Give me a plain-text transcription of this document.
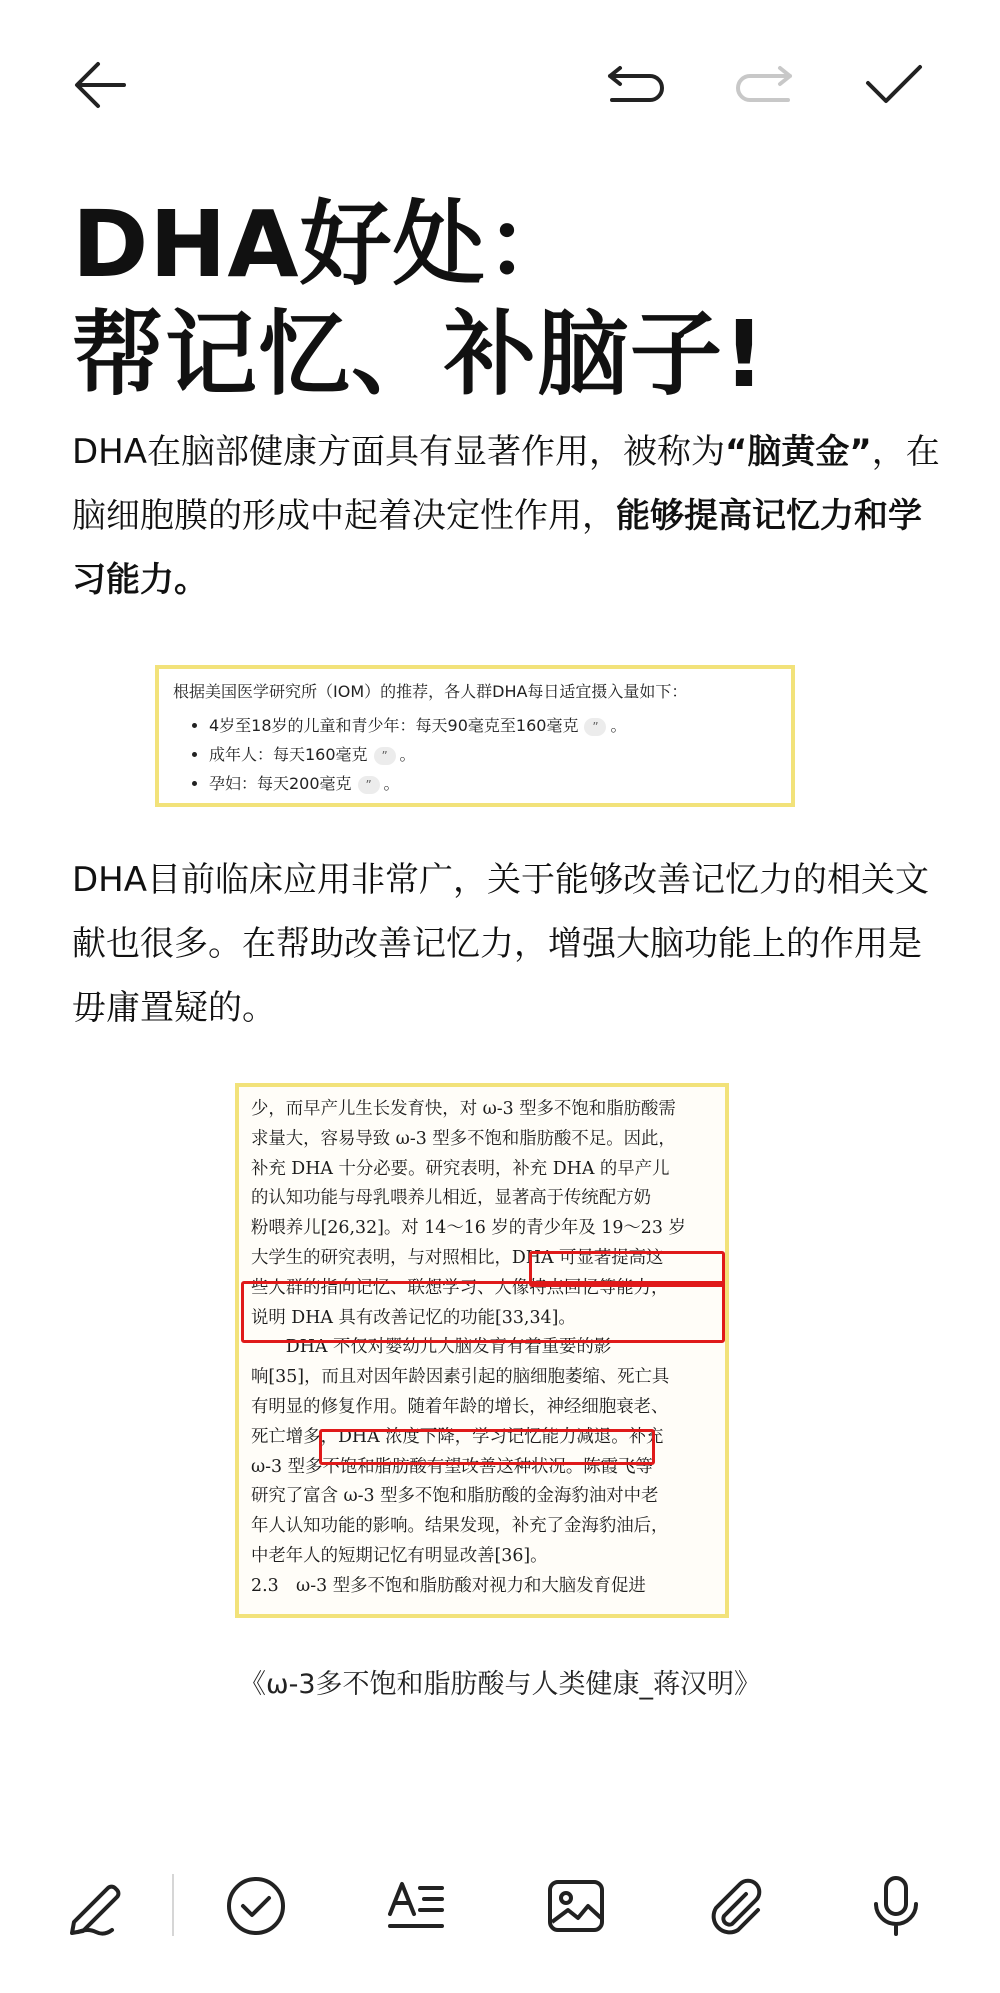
DHA好处：
帮记忆、补脑子!
DHA在脑部健康方面具有显著作用，被称为“脑黄金”，在脑细胞膜的形成中起着决定性作用，能够提高记忆力和学习能力。

根据美国医学研究所（IOM）的推荐，各人群DHA每日适宜摄入量如下：

• 4岁至18岁的儿童和青少年：每天90毫克至160毫克 ” 。
• 成年人：每天160毫克 ” 。
• 孕妇：每天200毫克 ” 。
DHA目前临床应用非常广，关于能够改善记忆力的相关文献也很多。在帮助改善记忆力，增强大脑功能上的作用是毋庸置疑的。
少，而早产儿生长发育快，对 ω-3 型多不饱和脂肪酸需
求量大，容易导致 ω-3 型多不饱和脂肪酸不足。因此，
补充 DHA 十分必要。研究表明，补充 DHA 的早产儿
的认知功能与母乳喂养儿相近，显著高于传统配方奶
粉喂养儿[26,32]。对 14～16 岁的青少年及 19～23 岁
大学生的研究表明，与对照相比，DHA 可显著提高这
些人群的指向记忆、联想学习、人像特点回忆等能力，
说明 DHA 具有改善记忆的功能[33,34]。
　　DHA 不仅对婴幼儿大脑发育有着重要的影
响[35]，而且对因年龄因素引起的脑细胞萎缩、死亡具
有明显的修复作用。随着年龄的增长，神经细胞衰老、
死亡增多，DHA 浓度下降，学习记忆能力减退。补充
ω-3 型多不饱和脂肪酸有望改善这种状况。陈霞飞等
研究了富含 ω-3 型多不饱和脂肪酸的金海豹油对中老
年人认知功能的影响。结果发现，补充了金海豹油后，
中老年人的短期记忆有明显改善[36]。
2.3　ω-3 型多不饱和脂肪酸对视力和大脑发育促进
《ω-3多不饱和脂肪酸与人类健康_蒋汉明》
